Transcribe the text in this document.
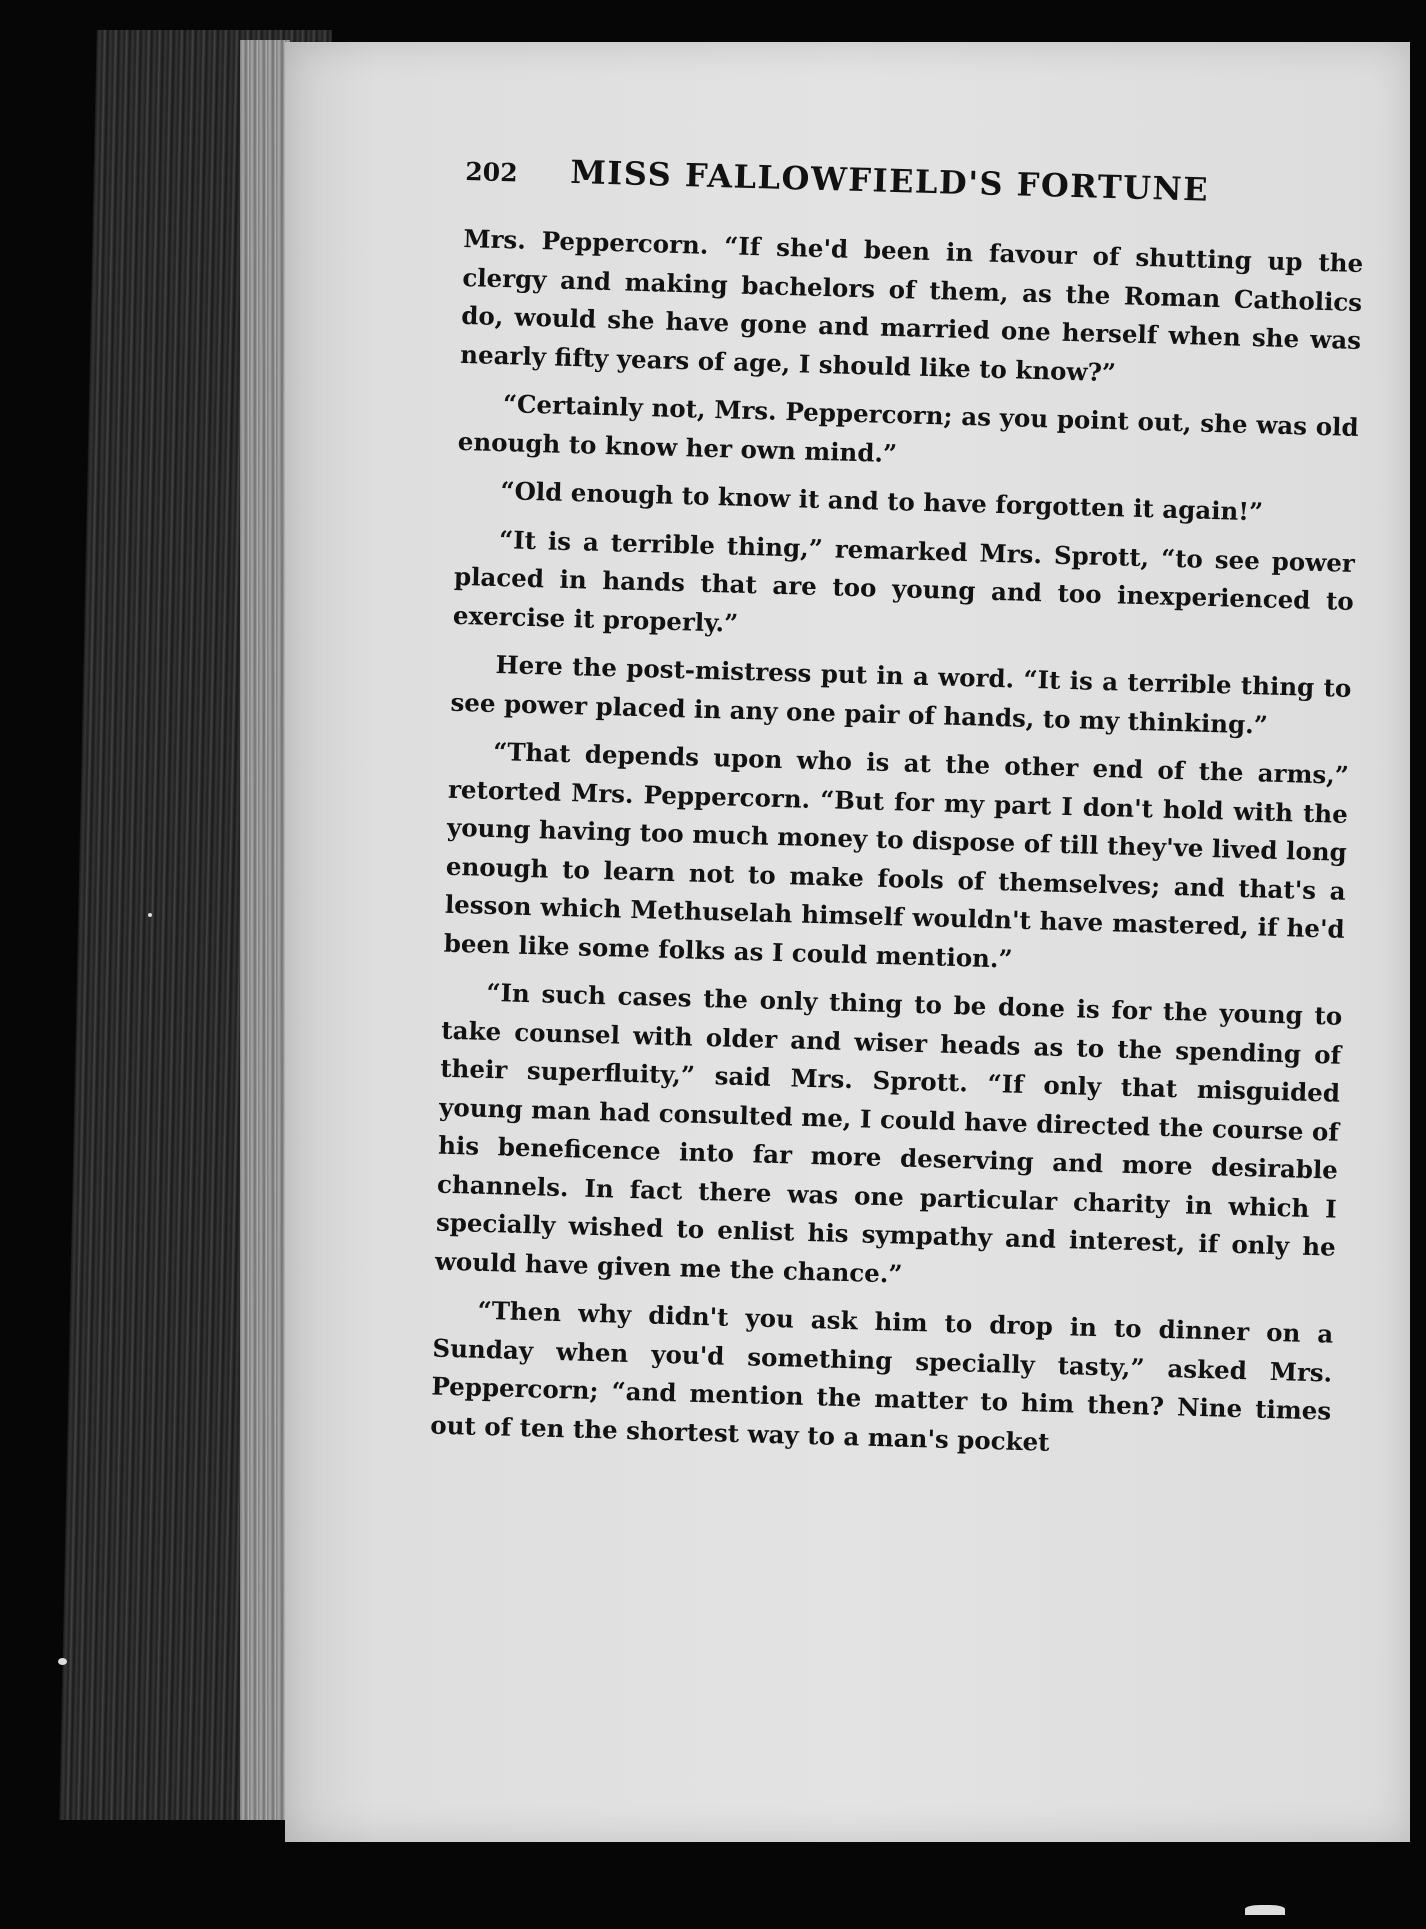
202	MISS FALLOWFIELD'S FORTUNE

Mrs. Peppercorn. “If she'd been in favour of shutting up the clergy and making bachelors of them, as the Roman Catholics do, would she have gone and married one herself when she was nearly fifty years of age, I should like to know?”

“Certainly not, Mrs. Peppercorn; as you point out, she was old enough to know her own mind.”

“Old enough to know it and to have forgotten it again!”

“It is a terrible thing,” remarked Mrs. Sprott, “to see power placed in hands that are too young and too inexperienced to exercise it properly.”

Here the post-mistress put in a word. “It is a terrible thing to see power placed in any one pair of hands, to my thinking.”

“That depends upon who is at the other end of the arms,” retorted Mrs. Peppercorn. “But for my part I don't hold with the young having too much money to dispose of till they've lived long enough to learn not to make fools of themselves; and that's a lesson which Methuselah himself wouldn't have mastered, if he'd been like some folks as I could mention.”

“In such cases the only thing to be done is for the young to take counsel with older and wiser heads as to the spending of their superfluity,” said Mrs. Sprott. “If only that misguided young man had consulted me, I could have directed the course of his beneficence into far more deserving and more desirable channels. In fact there was one particular charity in which I specially wished to enlist his sympathy and interest, if only he would have given me the chance.”

“Then why didn't you ask him to drop in to dinner on a Sunday when you'd something specially tasty,” asked Mrs. Peppercorn; “and mention the matter to him then? Nine times out of ten the shortest way to a man's pocket
